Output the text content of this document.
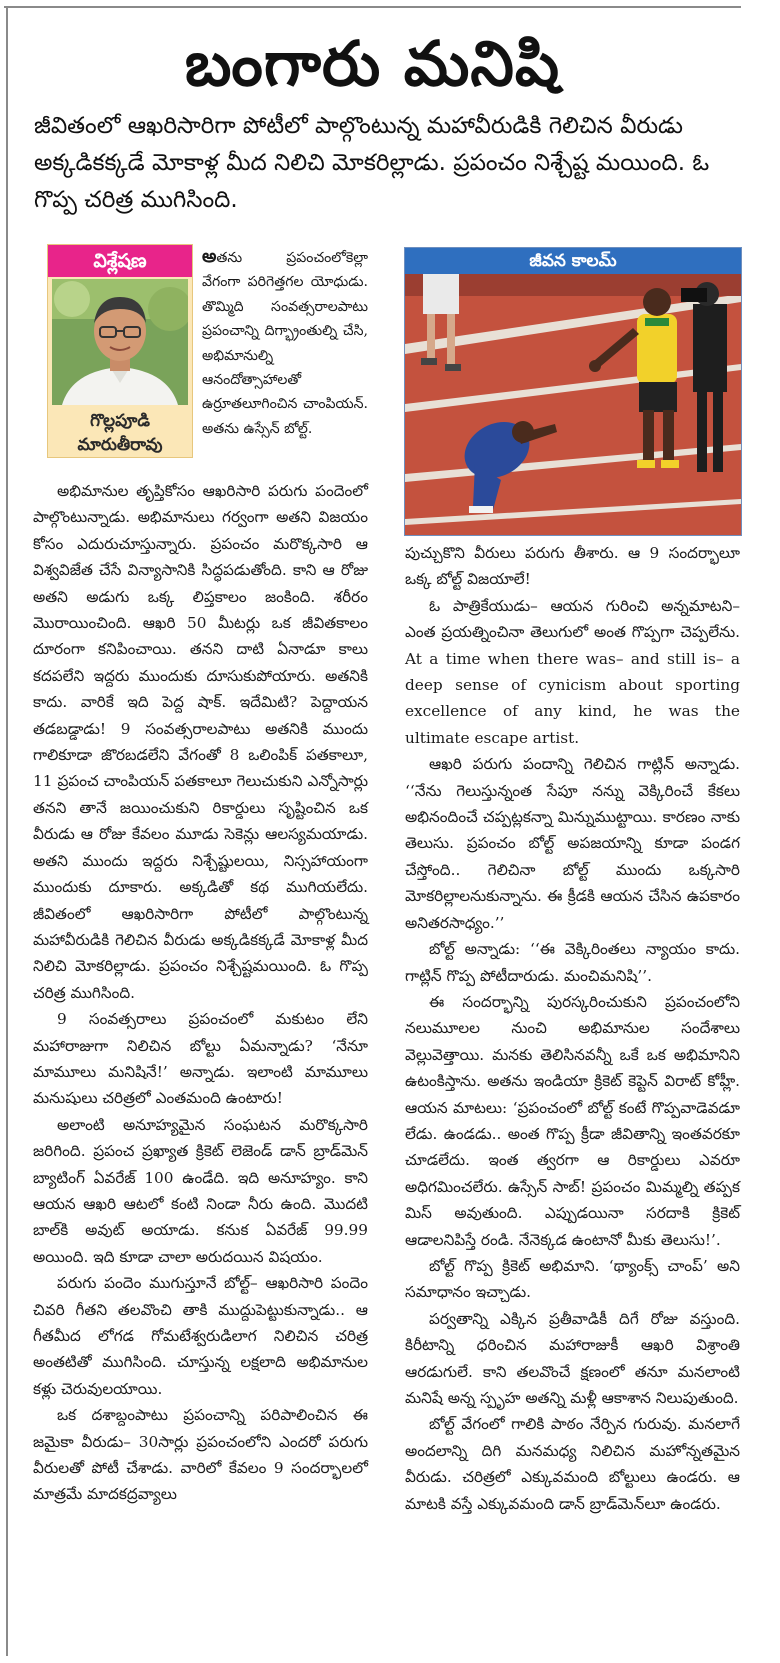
బంగారు మనిషి
జీవితంలో ఆఖరిసారిగా పోటీలో పాల్గొంటున్న మహావీరుడికి గెలిచిన వీరుడు అక్కడికక్కడే మోకాళ్ల మీద నిలిచి మోకరిల్లాడు. ప్రపంచం నిశ్చేష్ట మయింది. ఓ గొప్ప చరిత్ర ముగిసింది.
విశ్లేషణ
గొల్లపూడి
మారుతీరావు

అతను ప్రపంచంలోకెల్లా వేగంగా పరిగెత్తగల యోధుడు. తొమ్మిది సంవత్సరాలపాటు ప్రపంచాన్ని దిగ్భ్రాంతుల్ని చేసి, అభిమానుల్ని ఆనందోత్సాహాలతో ఉర్రూతలూగించిన చాంపియన్‌. అతను ఉస్సేన్‌ బోల్ట్‌.

జీవన కాలమ్

అభిమానుల తృప్తికోసం ఆఖరిసారి పరుగు పందెంలో పాల్గొంటున్నాడు. అభిమానులు గర్వంగా అతని విజయం కోసం ఎదురుచూస్తున్నారు. ప్రపంచం మరొక్కసారి ఆ విశ్వవిజేత చేసే విన్యాసానికి సిద్ధపడుతోంది. కాని ఆ రోజు అతని అడుగు ఒక్క లిప్తకాలం జంకింది. శరీరం మొరాయించింది. ఆఖరి 50 మీటర్లు ఒక జీవితకాలం దూరంగా కనిపించాయి. తనని దాటి ఏనాడూ కాలు కదపలేని ఇద్దరు ముందుకు దూసుకుపోయారు. అతనికి కాదు. వారికే ఇది పెద్ద షాక్‌. ఇదేమిటి? పెద్దాయన తడబడ్డాడు! 9 సంవత్సరాలపాటు అతనికి ముందు గాలికూడా జొరబడలేని వేగంతో 8 ఒలింపిక్‌ పతకాలూ, 11 ప్రపంచ చాంపియన్‌ పతకాలూ గెలుచుకుని ఎన్నోసార్లు తనని తానే జయించుకుని రికార్డులు సృష్టించిన ఒక వీరుడు ఆ రోజు కేవలం మూడు సెకెన్లు ఆలస్యమయాడు. అతని ముందు ఇద్దరు నిశ్చేష్టులయి, నిస్సహాయంగా ముందుకు దూకారు. అక్కడితో కథ ముగియలేదు. జీవితంలో ఆఖరిసారిగా పోటీలో పాల్గొంటున్న మహావీరుడికి గెలిచిన వీరుడు అక్కడికక్కడే మోకాళ్ల మీద నిలిచి మోకరిల్లాడు. ప్రపంచం నిశ్చేష్టమయింది. ఓ గొప్ప చరిత్ర ముగిసింది.

9 సంవత్సరాలు ప్రపంచంలో మకుటం లేని మహారాజుగా నిలిచిన బోల్టు ఏమన్నాడు? ‘నేనూ మామూలు మనిషినే!’ అన్నాడు. ఇలాంటి మామూలు మనుషులు చరిత్రలో ఎంతమంది ఉంటారు!

అలాంటి అనూహ్యమైన సంఘటన మరొక్కసారి జరిగింది. ప్రపంచ ప్రఖ్యాత క్రికెట్‌ లెజెండ్‌ డాన్‌ బ్రాడ్‌మెన్‌ బ్యాటింగ్‌ ఏవరేజ్‌ 100 ఉండేది. ఇది అనూహ్యం. కాని ఆయన ఆఖరి ఆటలో కంటి నిండా నీరు ఉంది. మొదటి బాల్‌కి అవుట్‌ అయాడు. కనుక ఏవరేజ్‌ 99.99 అయింది. ఇది కూడా చాలా అరుదయిన విషయం.

పరుగు పందెం ముగుస్తూనే బోల్ట్‌– ఆఖరిసారి పందెం చివరి గీతని తలవొంచి తాకి ముద్దుపెట్టుకున్నాడు.. ఆ గీతమీద లోగడ గోమటేశ్వరుడిలాగ నిలిచిన చరిత్ర అంతటితో ముగిసింది. చూస్తున్న లక్షలాది అభిమానుల కళ్లు చెరువులయాయి.

ఒక దశాబ్దంపాటు ప్రపంచాన్ని పరిపాలించిన ఈ జమైకా వీరుడు– 30సార్లు ప్రపంచంలోని ఎందరో పరుగు వీరులతో పోటీ చేశాడు. వారిలో కేవలం 9 సందర్భాలలో మాత్రమే మాదకద్రవ్యాలు

పుచ్చుకొని వీరులు పరుగు తీశారు. ఆ 9 సందర్భాలూ ఒక్క బోల్ట్‌ విజయాలే!

ఓ పాత్రికేయుడు– ఆయన గురించి అన్నమాటని– ఎంత ప్రయత్నించినా తెలుగులో అంత గొప్పగా చెప్పలేను. At a time when there was– and still is– a deep sense of cynicism about sporting excellence of any kind, he was the ultimate escape artist.

ఆఖరి పరుగు పందాన్ని గెలిచిన గాట్లిన్‌ అన్నాడు. ‘‘నేను గెలుస్తున్నంత సేపూ నన్ను వెక్కిరించే కేకలు అభినందించే చప్పట్లకన్నా మిన్నుముట్టాయి. కారణం నాకు తెలుసు. ప్రపంచం బోల్ట్‌ అపజయాన్ని కూడా పండగ చేస్తోంది.. గెలిచినా బోల్ట్‌ ముందు ఒక్కసారి మోకరిల్లాలనుకున్నాను. ఈ క్రీడకి ఆయన చేసిన ఉపకారం అనితరసాధ్యం.’’

బోల్ట్‌ అన్నాడు: ‘‘ఈ వెక్కిరింతలు న్యాయం కాదు. గాట్లిన్‌ గొప్ప పోటీదారుడు. మంచిమనిషి’’.

ఈ సందర్భాన్ని పురస్కరించుకుని ప్రపంచంలోని నలుమూలల నుంచి అభిమానుల సందేశాలు వెల్లువెత్తాయి. మనకు తెలిసినవన్నీ ఒకే ఒక అభిమానిని ఉటంకిస్తాను. అతను ఇండియా క్రికెట్‌ కెప్టెన్‌ విరాట్‌ కోహ్లీ. ఆయన మాటలు: ‘ప్రపంచంలో బోల్ట్‌ కంటే గొప్పవాడెవడూ లేడు. ఉండడు.. అంత గొప్ప క్రీడా జీవితాన్ని ఇంతవరకూ చూడలేదు. ఇంత త్వరగా ఆ రికార్డులు ఎవరూ అధిగమించలేరు. ఉస్సేన్‌ సాబ్‌! ప్రపంచం మిమ్మల్ని తప్పక మిస్‌ అవుతుంది. ఎప్పుడయినా సరదాకి క్రికెట్‌ ఆడాలనిపిస్తే రండి. నేనెక్కడ ఉంటానో మీకు తెలుసు!’.

బోల్ట్‌ గొప్ప క్రికెట్‌ అభిమాని. ‘థ్యాంక్స్‌ చాంప్‌’ అని సమాధానం ఇచ్చాడు.

పర్వతాన్ని ఎక్కిన ప్రతీవాడికీ దిగే రోజు వస్తుంది. కిరీటాన్ని ధరించిన మహారాజుకీ ఆఖరి విశ్రాంతి ఆరడుగులే. కాని తలవొంచే క్షణంలో తనూ మనలాంటి మనిషే అన్న స్పృహ అతన్ని మళ్లీ ఆకాశాన నిలుపుతుంది.

బోల్ట్‌ వేగంలో గాలికి పాఠం నేర్పిన గురువు. మనలాగే అందలాన్ని దిగి మనమధ్య నిలిచిన మహోన్నతమైన వీరుడు. చరిత్రలో ఎక్కువమంది బోల్టులు ఉండరు. ఆ మాటకి వస్తే ఎక్కువమంది డాన్‌ బ్రాడ్‌మెన్‌లూ ఉండరు.
